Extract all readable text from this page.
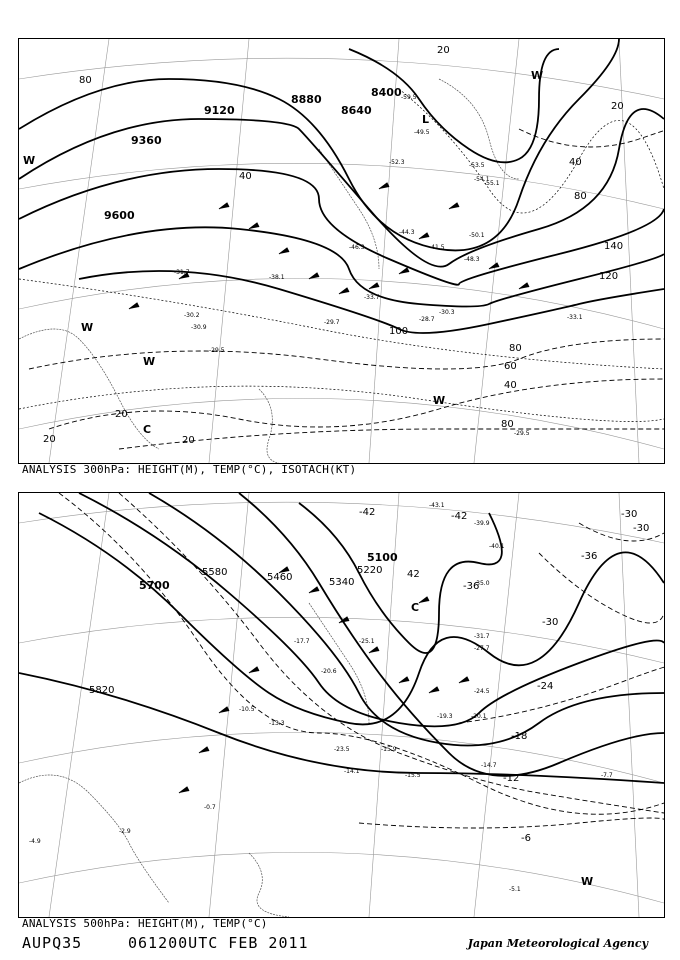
9360
9120
8880
8640
8400
9600
80
40
100
80
60
40
120
140
80
40
20
20
20
20	20
80
-59.5
-52.3
-49.5
-44.3
-46.3
-38.1
-33.7
-30.3
-28.7
-29.7
-30.9
-29.5
-30.2
-31.7
-29.5
-33.1
-48.3
-50.1
-54.1
-55.1
-53.5
-41.5
L
C
W
W
W
W
W
ANALYSIS 300hPa: HEIGHT(M), TEMP(°C), ISOTACH(KT)
5700
5580	5460	5340
5220
5100
5820
-42	-42	-30
-30
-36
-30
-24
-18
-12
-6
42
-36
-43.1
-39.9
-40.1
-35.0
-31.7
-27.7
-24.5
-20.1
-19.3
-15.9
-15.5
-14.7
-7.7
-0.7
-2.9
-4.9
-5.1
-10.5
-13.3
-14.1
-17.7
-20.6
-23.5
-25.1
C
W
ANALYSIS 500hPa: HEIGHT(M), TEMP(°C)
AUPQ35	061200UTC FEB 2011	Japan Meteorological Agency
